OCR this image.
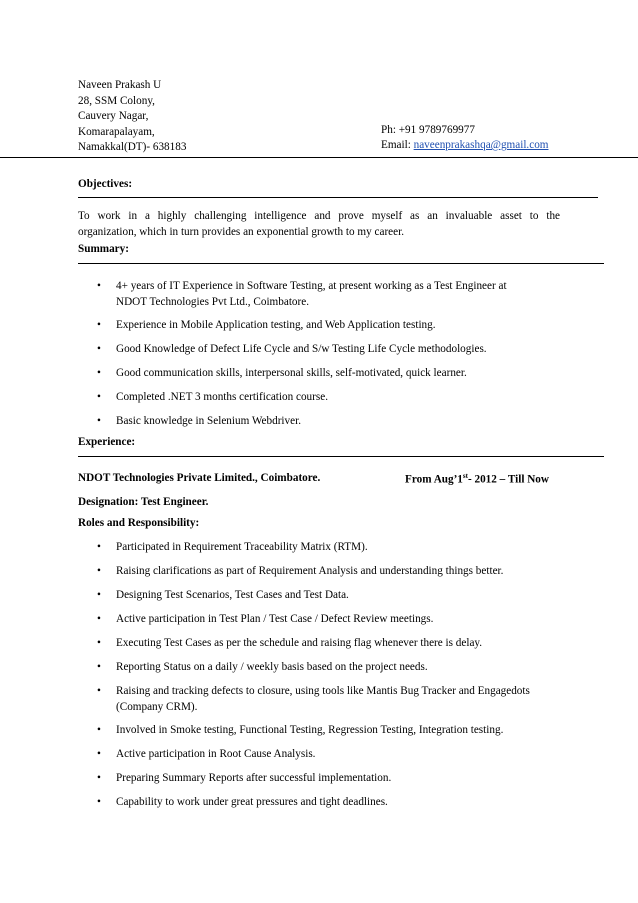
Naveen Prakash U
28, SSM Colony,
Cauvery Nagar,
Komarapalayam,
Namakkal(DT)- 638183
Ph: +91 9789769977
Email: naveenprakashqa@gmail.com
Objectives:
To work in a highly challenging intelligence and prove myself as an invaluable asset to the
organization, which in turn provides an exponential growth to my career.
Summary:
• 4+ years of IT Experience in Software Testing, at present working as a Test Engineer at
NDOT Technologies Pvt Ltd., Coimbatore.
• Experience in Mobile Application testing, and Web Application testing.
• Good Knowledge of Defect Life Cycle and S/w Testing Life Cycle methodologies.
• Good communication skills, interpersonal skills, self-motivated, quick learner.
• Completed .NET 3 months certification course.
• Basic knowledge in Selenium Webdriver.
Experience:
NDOT Technologies Private Limited., Coimbatore.	From Aug’1st- 2012 – Till Now
Designation: Test Engineer.
Roles and Responsibility:
• Participated in Requirement Traceability Matrix (RTM).
• Raising clarifications as part of Requirement Analysis and understanding things better.
• Designing Test Scenarios, Test Cases and Test Data.
• Active participation in Test Plan / Test Case / Defect Review meetings.
• Executing Test Cases as per the schedule and raising flag whenever there is delay.
• Reporting Status on a daily / weekly basis based on the project needs.
• Raising and tracking defects to closure, using tools like Mantis Bug Tracker and Engagedots
(Company CRM).
• Involved in Smoke testing, Functional Testing, Regression Testing, Integration testing.
• Active participation in Root Cause Analysis.
• Preparing Summary Reports after successful implementation.
• Capability to work under great pressures and tight deadlines.
